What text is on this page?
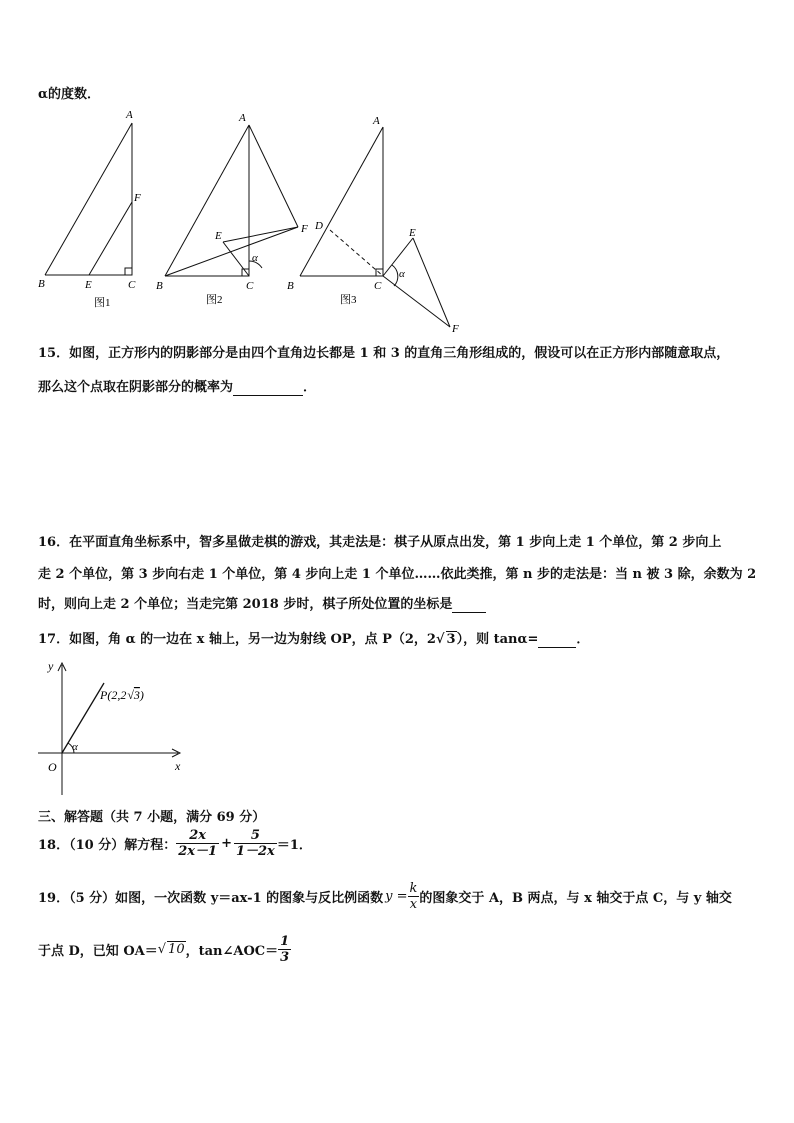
α的度数．
A
F
B	E	C
图1
A
E
F
α
B	C
图2
A
D
E
α
B	C
图3
F
15．如图，正方形内的阴影部分是由四个直角边长都是 1 和 3 的直角三角形组成的，假设可以在正方形内部随意取点，
那么这个点取在阴影部分的概率为	．
16．在平面直角坐标系中，智多星做走棋的游戏，其走法是：棋子从原点出发，第 1 步向上走 1 个单位，第 2 步向上
走 2 个单位，第 3 步向右走 1 个单位，第 4 步向上走 1 个单位……依此类推，第 n 步的走法是：当 n 被 3 除，余数为 2
时，则向上走 2 个单位；当走完第 2018 步时，棋子所处位置的坐标是
17．如图，角 α 的一边在 x 轴上，另一边为射线 OP，点 P（2，2√ 3），则 tanα=	．
y
x
O
α
P(2,2√3)
三、解答题（共 7 小题，满分 69 分）
18．（10 分）解方程： $\frac{2x}{2x-1} + \frac{5}{1-2x} =1$．
19．（5 分）如图，一次函数 y＝ax-1 的图象与反比例函数 $y = \frac{k}{x}$ 的图象交于 A，B 两点，与 x 轴交于点 C，与 y 轴交
于点 D，已知 OA＝ √ 10 ，tan∠AOC＝ $\frac{1}{3}$
